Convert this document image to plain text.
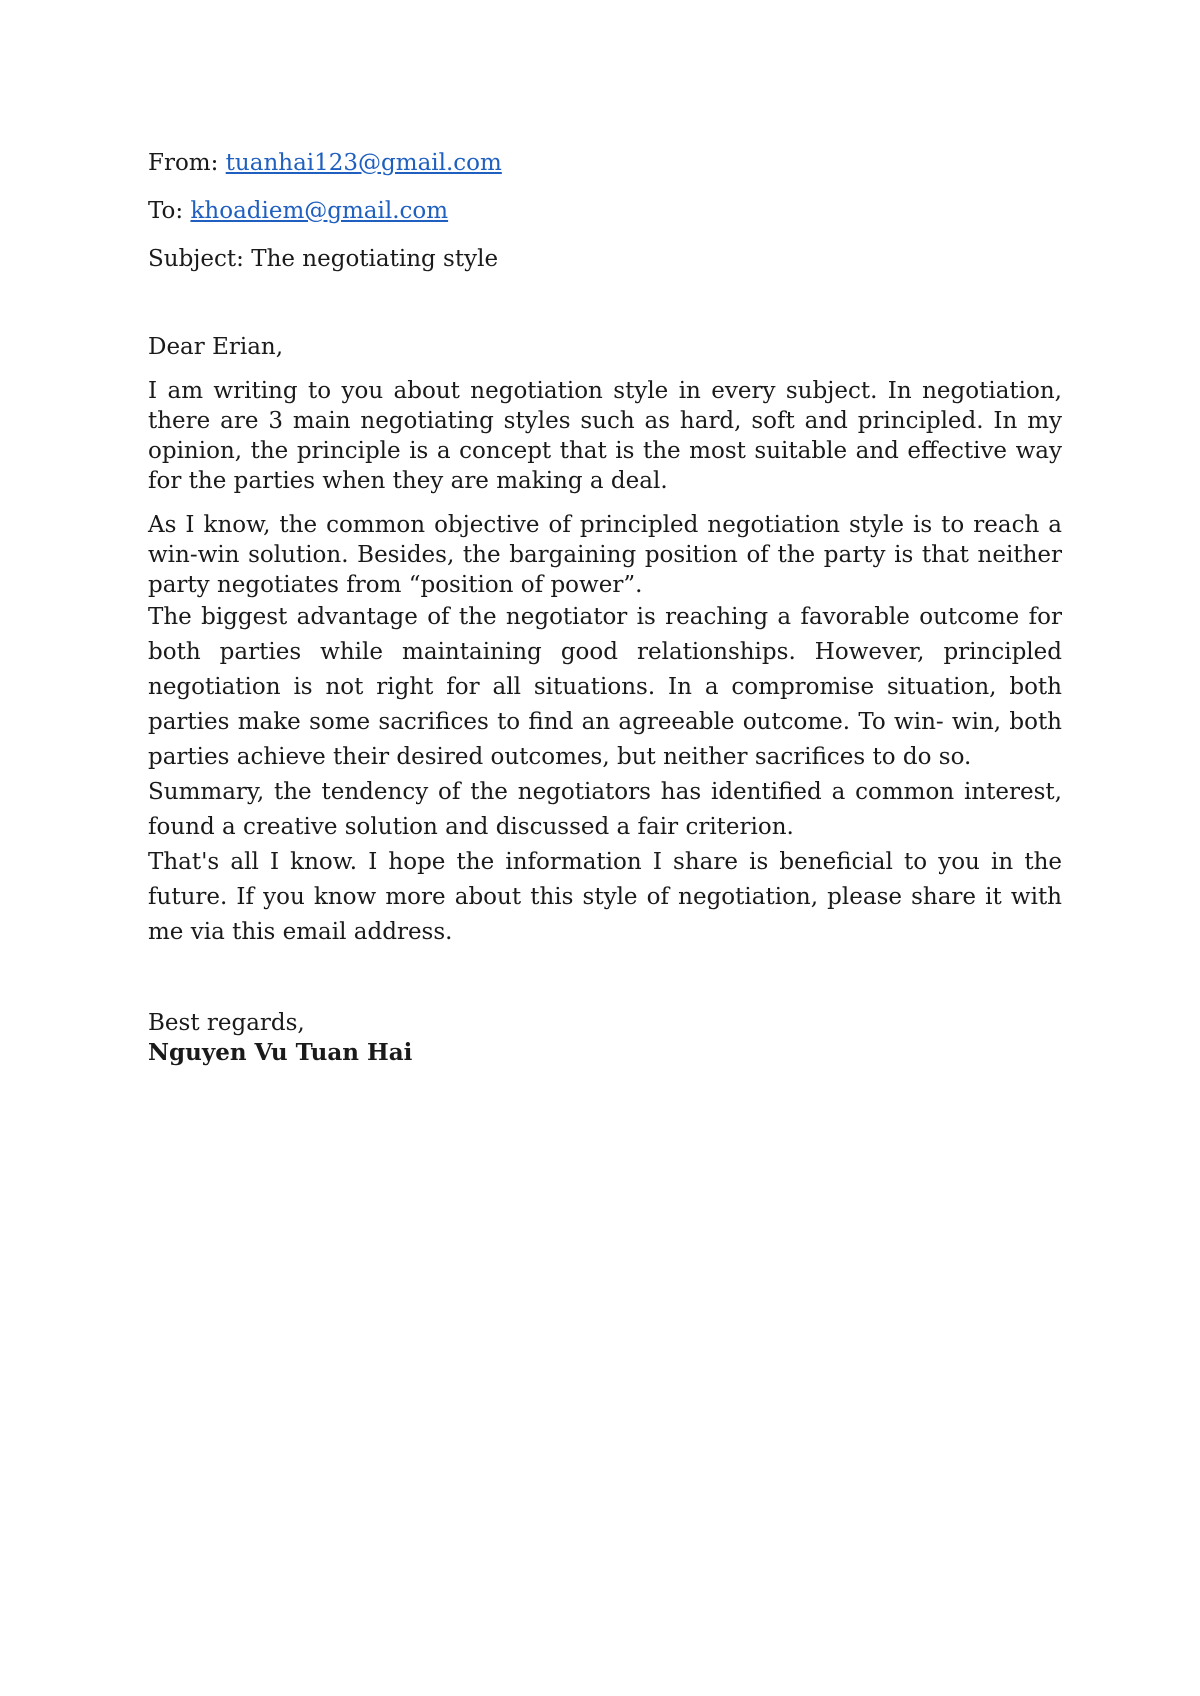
From: tuanhai123@gmail.com
To: khoadiem@gmail.com
Subject: The negotiating style

Dear Erian,

I am writing to you about negotiation style in every subject. In negotiation, there are 3 main negotiating styles such as hard, soft and principled. In my opinion, the principle is a concept that is the most suitable and effective way for the parties when they are making a deal.

As I know, the common objective of principled negotiation style is to reach a win-win solution. Besides, the bargaining position of the party is that neither party negotiates from “position of power”.

The biggest advantage of the negotiator is reaching a favorable outcome for both parties while maintaining good relationships. However, principled negotiation is not right for all situations. In a compromise situation, both parties make some sacrifices to find an agreeable outcome. To win- win, both parties achieve their desired outcomes, but neither sacrifices to do so.

Summary, the tendency of the negotiators has identified a common interest, found a creative solution and discussed a fair criterion.

That's all I know. I hope the information I share is beneficial to you in the future. If you know more about this style of negotiation, please share it with me via this email address.

Best regards,

Nguyen Vu Tuan Hai
